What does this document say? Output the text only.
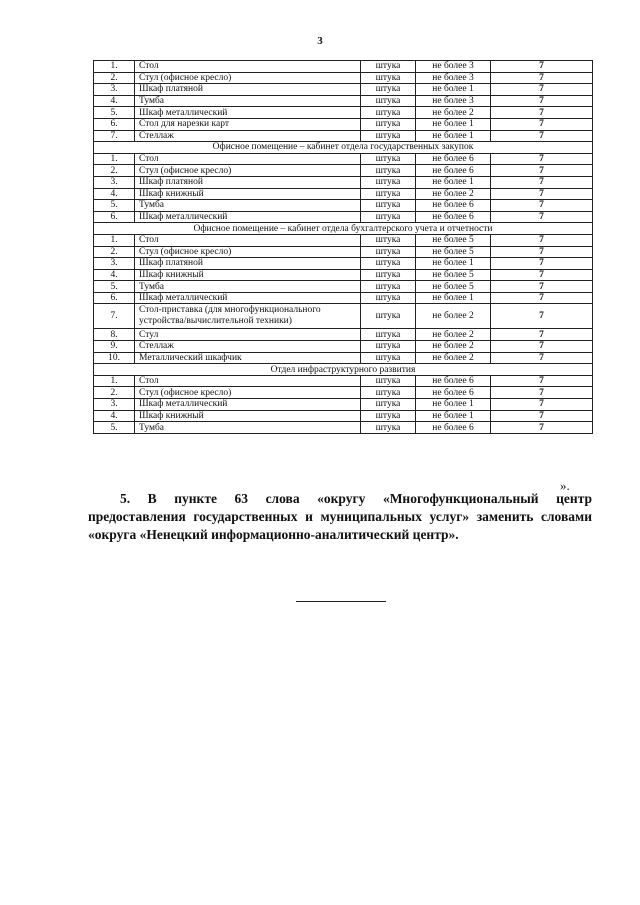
3
1.	Стол	штука	не более 3	7
2.	Стул (офисное кресло)	штука	не более 3	7
3.	Шкаф платяной	штука	не более 1	7
4.	Тумба	штука	не более 3	7
5.	Шкаф металлический	штука	не более 2	7
6.	Стол для нарезки карт	штука	не более 1	7
7.	Стеллаж	штука	не более 1	7
Офисное помещение – кабинет отдела государственных закупок				
1.	Стол	штука	не более 6	7
2.	Стул (офисное кресло)	штука	не более 6	7
3.	Шкаф платяной	штука	не более 1	7
4.	Шкаф книжный	штука	не более 2	7
5.	Тумба	штука	не более 6	7
6.	Шкаф металлический	штука	не более 6	7
Офисное помещение – кабинет отдела бухгалтерского учета и отчетности				
1.	Стол	штука	не более 5	7
2.	Стул (офисное кресло)	штука	не более 5	7
3.	Шкаф платяной	штука	не более 1	7
4.	Шкаф книжный	штука	не более 5	7
5.	Тумба	штука	не более 5	7
6.	Шкаф металлический	штука	не более 1	7
7.	Стол-приставка (для многофункционального устройства/вычислительной техники)	штука	не более 2	7
8.	Стул	штука	не более 2	7
9.	Стеллаж	штука	не более 2	7
10.	Металлический шкафчик	штука	не более 2	7
Отдел инфраструктурного развития				
1.	Стол	штука	не более 6	7
2.	Стул (офисное кресло)	штука	не более 6	7
3.	Шкаф металлический	штука	не более 1	7
4.	Шкаф книжный	штука	не более 1	7
5.	Тумба	штука	не более 6	7
».

5. В пункте 63 слова «округу «Многофункциональный центр предоставления государственных и муниципальных услуг» заменить словами «округа «Ненецкий информационно-аналитический центр».
